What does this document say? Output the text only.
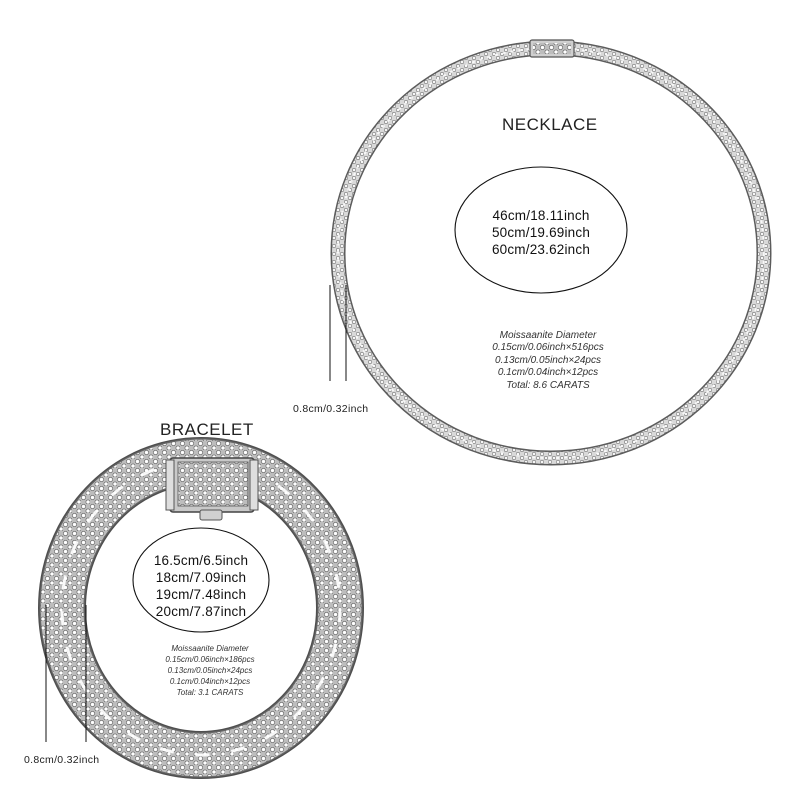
NECKLACE
46cm/18.11inch
50cm/19.69inch
60cm/23.62inch
Moissaanite Diameter
0.15cm/0.06inch×516pcs
0.13cm/0.05inch×24pcs
0.1cm/0.04inch×12pcs
Total: 8.6 CARATS
0.8cm/0.32inch
BRACELET
16.5cm/6.5inch
18cm/7.09inch
19cm/7.48inch
20cm/7.87inch
Moissaanite Diameter
0.15cm/0.06inch×186pcs
0.13cm/0.05inch×24pcs
0.1cm/0.04inch×12pcs
Total: 3.1 CARATS
0.8cm/0.32inch
